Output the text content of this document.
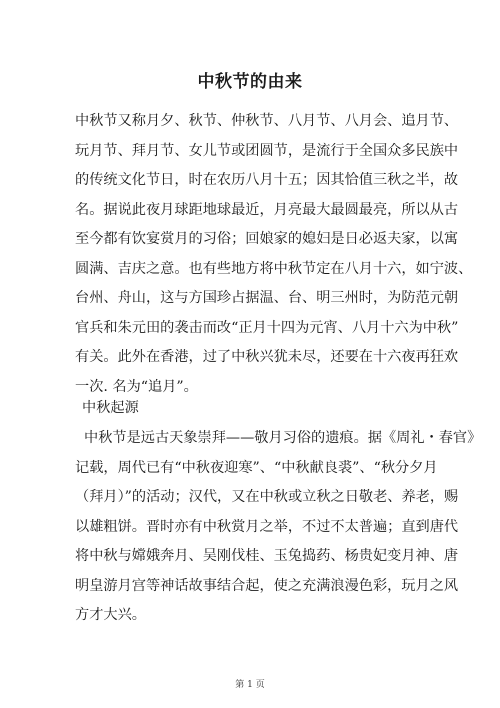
中秋节的由来
中秋节又称月夕、秋节、仲秋节、八月节、八月会、追月节、
玩月节、拜月节、女儿节或团圆节，是流行于全国众多民族中
的传统文化节日，时在农历八月十五；因其恰值三秋之半，故
名。据说此夜月球距地球最近，月亮最大最圆最亮，所以从古
至今都有饮宴赏月的习俗；回娘家的媳妇是日必返夫家，以寓
圆满、吉庆之意。也有些地方将中秋节定在八月十六，如宁波、
台州、舟山，这与方国珍占据温、台、明三州时，为防范元朝
官兵和朱元田的袭击而改“正月十四为元宵、八月十六为中秋”
有关。此外在香港，过了中秋兴犹未尽，还要在十六夜再狂欢
一次. 名为“追月”。
中秋起源
中秋节是远古天象崇拜——敬月习俗的遗痕。据《周礼・春官》
记载，周代已有“中秋夜迎寒”、“中秋献良裘”、“秋分夕月
（拜月）”的活动；汉代，又在中秋或立秋之日敬老、养老，赐
以雄粗饼。晋时亦有中秋赏月之举，不过不太普遍；直到唐代
将中秋与嫦娥奔月、吴刚伐桂、玉兔捣药、杨贵妃变月神、唐
明皇游月宫等神话故事结合起，使之充满浪漫色彩，玩月之风
方才大兴。
第 1 页
